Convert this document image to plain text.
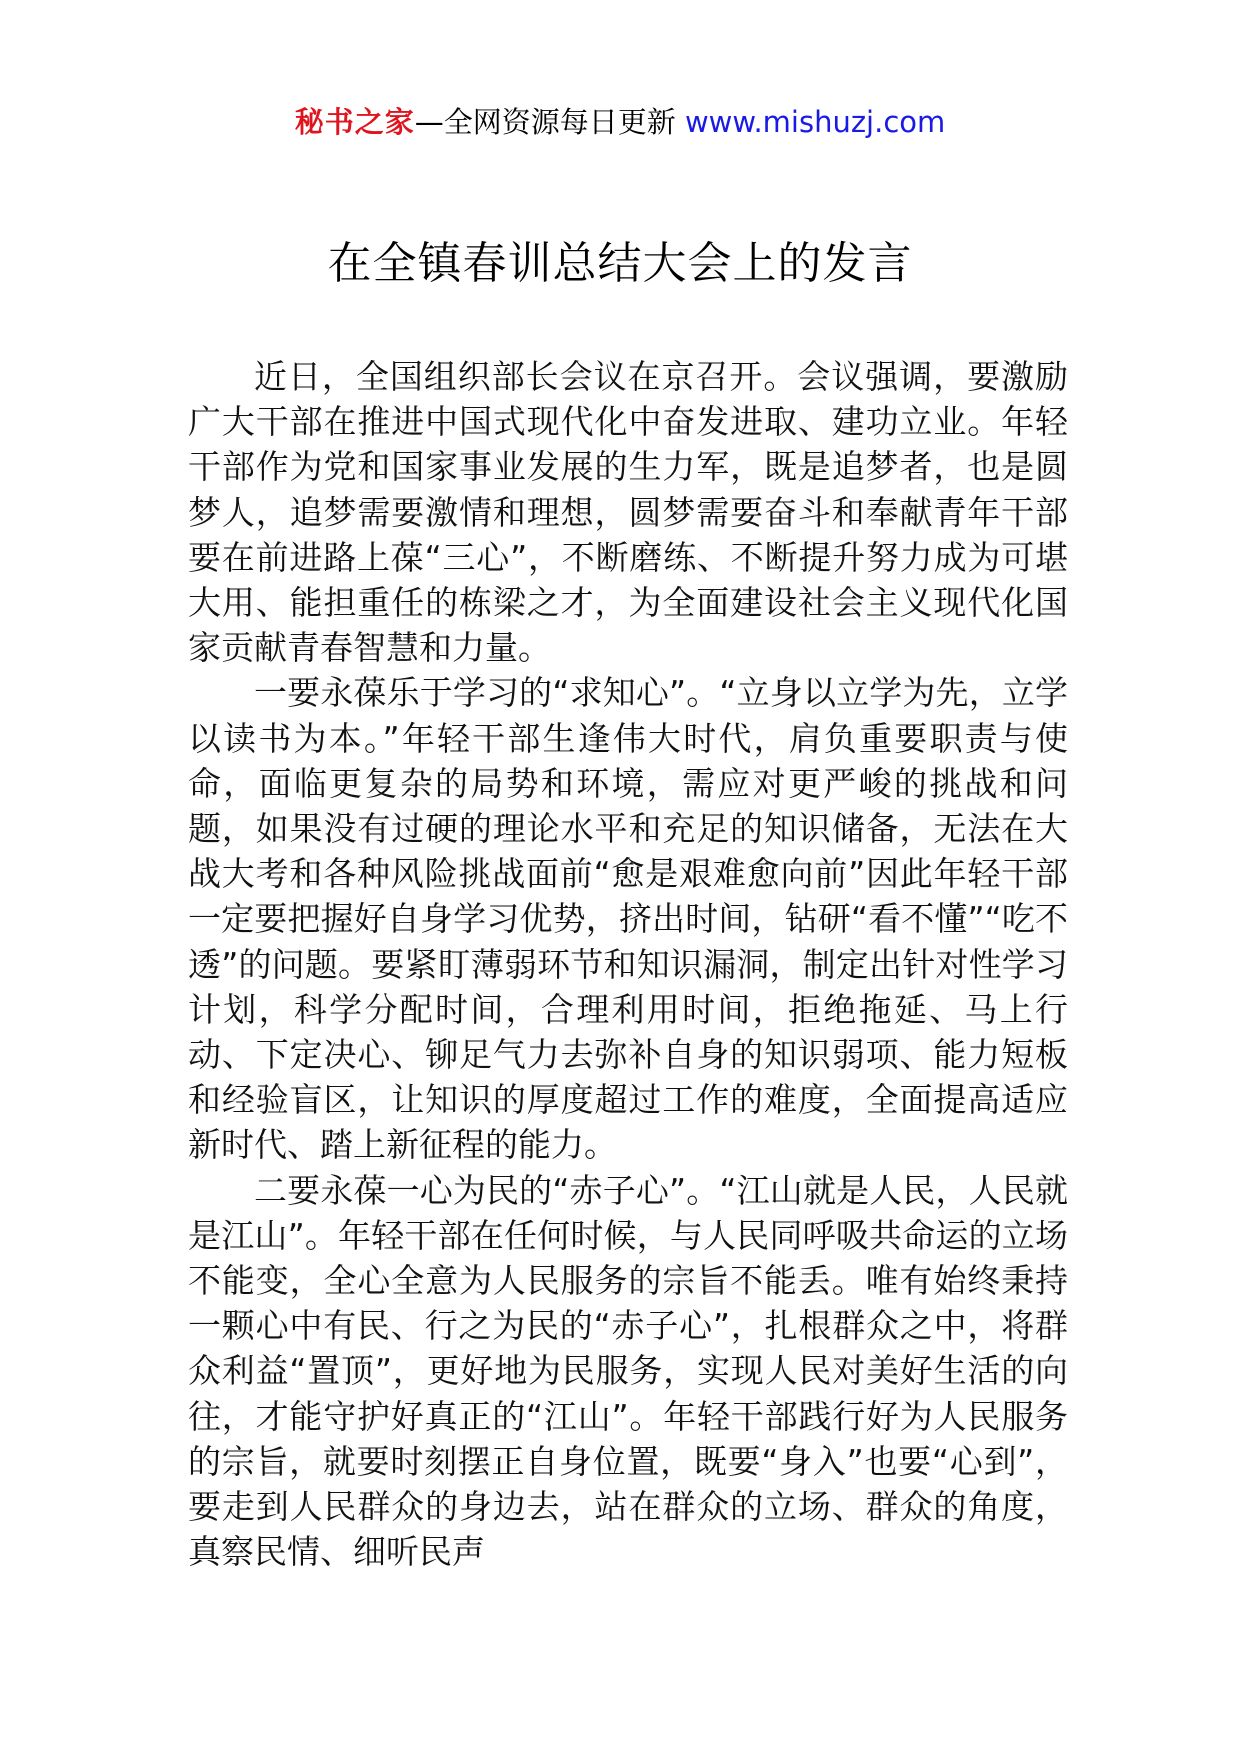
秘书之家—全网资源每日更新 www.mishuzj.com
在全镇春训总结大会上的发言

近日，全国组织部长会议在京召开。会议强调，要激励广大干部在推进中国式现代化中奋发进取、建功立业。年轻干部作为党和国家事业发展的生力军，既是追梦者，也是圆梦人，追梦需要激情和理想，圆梦需要奋斗和奉献青年干部要在前进路上葆“三心”，不断磨练、不断提升努力成为可堪大用、能担重任的栋梁之才，为全面建设社会主义现代化国家贡献青春智慧和力量。

一要永葆乐于学习的“求知心”。“立身以立学为先，立学以读书为本。”年轻干部生逢伟大时代，肩负重要职责与使命，面临更复杂的局势和环境，需应对更严峻的挑战和问题，如果没有过硬的理论水平和充足的知识储备，无法在大战大考和各种风险挑战面前“愈是艰难愈向前”因此年轻干部一定要把握好自身学习优势，挤出时间，钻研“看不懂”“吃不透”的问题。要紧盯薄弱环节和知识漏洞，制定出针对性学习计划，科学分配时间，合理利用时间，拒绝拖延、马上行动、下定决心、铆足气力去弥补自身的知识弱项、能力短板和经验盲区，让知识的厚度超过工作的难度，全面提高适应新时代、踏上新征程的能力。

二要永葆一心为民的“赤子心”。“江山就是人民，人民就是江山”。年轻干部在任何时候，与人民同呼吸共命运的立场不能变，全心全意为人民服务的宗旨不能丢。唯有始终秉持一颗心中有民、行之为民的“赤子心”，扎根群众之中，将群众利益“置顶”，更好地为民服务，实现人民对美好生活的向往，才能守护好真正的“江山”。年轻干部践行好为人民服务的宗旨，就要时刻摆正自身位置，既要“身入”也要“心到”，要走到人民群众的身边去，站在群众的立场、群众的角度，真察民情、细听民声
